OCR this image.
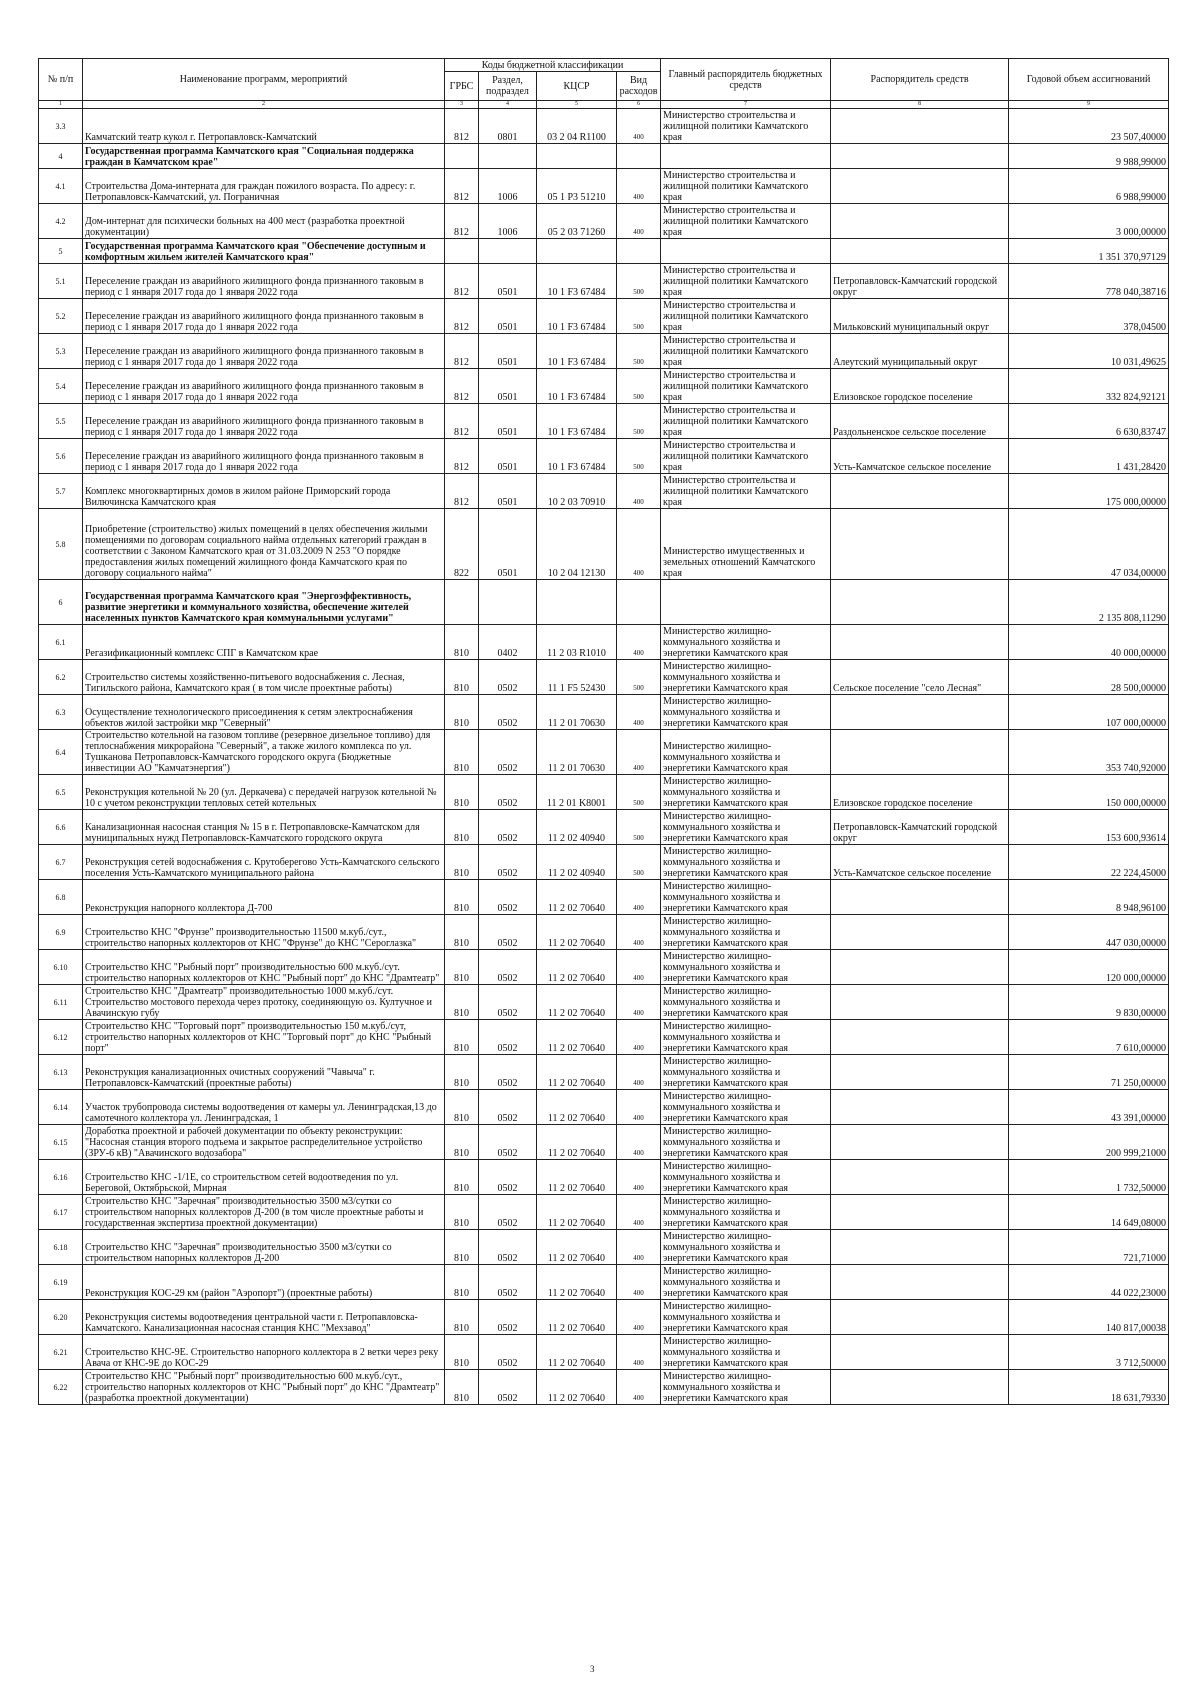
№ п/п	Наименование программ, мероприятий	Коды бюджетной классификации				Главный распорядитель бюджетных средств	Распорядитель средств	Годовой объем ассигнований
		ГРБС	Раздел, подраздел	КЦСР	Вид расходов			
1	2	3	4	5	6	7	8	9
3.3	Камчатский театр кукол г. Петропавловск-Камчатский	812	0801	03 2 04 R1100	400	Министерство строительства и жилищной политики Камчатского края		23 507,40000
4	Государственная программа Камчатского края "Социальная поддержка граждан в Камчатском крае"							9 988,99000
4.1	Строительства Дома-интерната для граждан пожилого возраста. По адресу: г. Петропавловск-Камчатский, ул. Пограничная	812	1006	05 1 P3 51210	400	Министерство строительства и жилищной политики Камчатского края		6 988,99000
4.2	Дом-интернат для психически больных на 400 мест (разработка проектной документации)	812	1006	05 2 03 71260	400	Министерство строительства и жилищной политики Камчатского края		3 000,00000
5	Государственная программа Камчатского края "Обеспечение доступным и комфортным жильем жителей Камчатского края"							1 351 370,97129
5.1	Переселение граждан из аварийного жилищного фонда признанного таковым в период с 1 января 2017 года до 1 января 2022 года	812	0501	10 1 F3 67484	500	Министерство строительства и жилищной политики Камчатского края	Петропавловск-Камчатский городской округ	778 040,38716
5.2	Переселение граждан из аварийного жилищного фонда признанного таковым в период с 1 января 2017 года до 1 января 2022 года	812	0501	10 1 F3 67484	500	Министерство строительства и жилищной политики Камчатского края	Мильковский муниципальный округ	378,04500
5.3	Переселение граждан из аварийного жилищного фонда признанного таковым в период с 1 января 2017 года до 1 января 2022 года	812	0501	10 1 F3 67484	500	Министерство строительства и жилищной политики Камчатского края	Алеутский муниципальный округ	10 031,49625
5.4	Переселение граждан из аварийного жилищного фонда признанного таковым в период с 1 января 2017 года до 1 января 2022 года	812	0501	10 1 F3 67484	500	Министерство строительства и жилищной политики Камчатского края	Елизовское городское поселение	332 824,92121
5.5	Переселение граждан из аварийного жилищного фонда признанного таковым в период с 1 января 2017 года до 1 января 2022 года	812	0501	10 1 F3 67484	500	Министерство строительства и жилищной политики Камчатского края	Раздольненское сельское поселение	6 630,83747
5.6	Переселение граждан из аварийного жилищного фонда признанного таковым в период с 1 января 2017 года до 1 января 2022 года	812	0501	10 1 F3 67484	500	Министерство строительства и жилищной политики Камчатского края	Усть-Камчатское сельское поселение	1 431,28420
5.7	Комплекс многоквартирных домов в жилом районе Приморский города Вилючинска Камчатского края	812	0501	10 2 03 70910	400	Министерство строительства и жилищной политики Камчатского края		175 000,00000
5.8	Приобретение (строительство) жилых помещений в целях обеспечения жилыми помещениями по договорам социального найма отдельных категорий граждан в соответствии с Законом Камчатского края от 31.03.2009 N 253 "О порядке предоставления жилых помещений жилищного фонда Камчатского края по договору социального найма"	822	0501	10 2 04 12130	400	Министерство имущественных и земельных отношений Камчатского края		47 034,00000
6	Государственная программа Камчатского края "Энергоэффективность, развитие энергетики и коммунального хозяйства, обеспечение жителей населенных пунктов Камчатского края коммунальными услугами"							2 135 808,11290
6.1	Регазификационный комплекс СПГ в Камчатском крае	810	0402	11 2 03 R1010	400	Министерство жилищно-коммунального хозяйства и энергетики Камчатского края		40 000,00000
6.2	Строительство системы хозяйственно-питьевого водоснабжения с. Лесная, Тигильского района, Камчатского края ( в том числе проектные работы)	810	0502	11 1 F5 52430	500	Министерство жилищно-коммунального хозяйства и энергетики Камчатского края	Сельское поселение "село Лесная"	28 500,00000
6.3	Осуществление технологического присоединения к сетям электроснабжения объектов жилой застройки мкр "Северный"	810	0502	11 2 01 70630	400	Министерство жилищно-коммунального хозяйства и энергетики Камчатского края		107 000,00000
6.4	Строительство котельной на газовом топливе (резервное дизельное топливо) для теплоснабжения микрорайона "Северный", а также жилого комплекса по ул. Тушканова Петропавловск-Камчатского городского округа (Бюджетные инвестиции АО "Камчатэнергия")	810	0502	11 2 01 70630	400	Министерство жилищно-коммунального хозяйства и энергетики Камчатского края		353 740,92000
6.5	Реконструкция котельной № 20 (ул. Деркачева) с передачей нагрузок котельной № 10 с учетом реконструкции тепловых сетей котельных	810	0502	11 2 01 K8001	500	Министерство жилищно-коммунального хозяйства и энергетики Камчатского края	Елизовское городское поселение	150 000,00000
6.6	Канализационная насосная станция № 15 в г. Петропавловске-Камчатском для муниципальных нужд Петропавловск-Камчатского городского округа	810	0502	11 2 02 40940	500	Министерство жилищно-коммунального хозяйства и энергетики Камчатского края	Петропавловск-Камчатский городской округ	153 600,93614
6.7	Реконструкция сетей водоснабжения с. Крутоберегово Усть-Камчатского сельского поселения Усть-Камчатского муниципального района	810	0502	11 2 02 40940	500	Министерство жилищно-коммунального хозяйства и энергетики Камчатского края	Усть-Камчатское сельское поселение	22 224,45000
6.8	Реконструкция напорного коллектора Д-700	810	0502	11 2 02 70640	400	Министерство жилищно-коммунального хозяйства и энергетики Камчатского края		8 948,96100
6.9	Строительство КНС "Фрунзе" производительностью 11500 м.куб./сут., строительство напорных коллекторов от КНС "Фрунзе" до КНС "Сероглазка"	810	0502	11 2 02 70640	400	Министерство жилищно-коммунального хозяйства и энергетики Камчатского края		447 030,00000
6.10	Строительство КНС "Рыбный порт" производительностью 600 м.куб./сут. строительство напорных коллекторов от КНС "Рыбный порт" до КНС "Драмтеатр"	810	0502	11 2 02 70640	400	Министерство жилищно-коммунального хозяйства и энергетики Камчатского края		120 000,00000
6.11	Строительство КНС "Драмтеатр" производительностью 1000 м.куб./сут. Строительство мостового перехода через протоку, соединяющую оз. Култучное и Авачинскую губу	810	0502	11 2 02 70640	400	Министерство жилищно-коммунального хозяйства и энергетики Камчатского края		9 830,00000
6.12	Строительство КНС "Торговый порт" производительностью 150 м.куб./сут, строительство напорных коллекторов от КНС "Торговый порт" до КНС "Рыбный порт"	810	0502	11 2 02 70640	400	Министерство жилищно-коммунального хозяйства и энергетики Камчатского края		7 610,00000
6.13	Реконструкция канализационных очистных сооружений "Чавыча" г. Петропавловск-Камчатский (проектные работы)	810	0502	11 2 02 70640	400	Министерство жилищно-коммунального хозяйства и энергетики Камчатского края		71 250,00000
6.14	Участок трубопровода системы водоотведения от камеры ул. Ленинградская,13 до самотечного коллектора ул. Ленинградская, 1	810	0502	11 2 02 70640	400	Министерство жилищно-коммунального хозяйства и энергетики Камчатского края		43 391,00000
6.15	Доработка проектной и рабочей документации по объекту реконструкции: "Насосная станция второго подъема и закрытое распределительное устройство (ЗРУ-6 кВ) "Авачинского водозабора"	810	0502	11 2 02 70640	400	Министерство жилищно-коммунального хозяйства и энергетики Камчатского края		200 999,21000
6.16	Строительство КНС -1/1Е, со строительством сетей водоотведения по ул. Береговой, Октябрьской, Мирная	810	0502	11 2 02 70640	400	Министерство жилищно-коммунального хозяйства и энергетики Камчатского края		1 732,50000
6.17	Строительство КНС "Заречная" производительностью 3500 м3/сутки со строительством напорных коллекторов Д-200 (в том числе проектные работы и государственная экспертиза проектной документации)	810	0502	11 2 02 70640	400	Министерство жилищно-коммунального хозяйства и энергетики Камчатского края		14 649,08000
6.18	Строительство КНС "Заречная" производительностью 3500 м3/сутки со строительством напорных коллекторов Д-200	810	0502	11 2 02 70640	400	Министерство жилищно-коммунального хозяйства и энергетики Камчатского края		721,71000
6.19	Реконструкция КОС-29 км (район "Аэропорт") (проектные работы)	810	0502	11 2 02 70640	400	Министерство жилищно-коммунального хозяйства и энергетики Камчатского края		44 022,23000
6.20	Реконструкция системы водоотведения центральной части г. Петропавловска-Камчатского. Канализационная насосная станция КНС "Мехзавод"	810	0502	11 2 02 70640	400	Министерство жилищно-коммунального хозяйства и энергетики Камчатского края		140 817,00038
6.21	Строительство КНС-9Е. Строительство напорного коллектора в 2 ветки через реку Авача от КНС-9Е до КОС-29	810	0502	11 2 02 70640	400	Министерство жилищно-коммунального хозяйства и энергетики Камчатского края		3 712,50000
6.22	Строительство КНС "Рыбный порт" производительностью 600 м.куб./сут., строительство напорных коллекторов от КНС "Рыбный порт" до КНС "Драмтеатр" (разработка проектной документации)	810	0502	11 2 02 70640	400	Министерство жилищно-коммунального хозяйства и энергетики Камчатского края		18 631,79330
3
